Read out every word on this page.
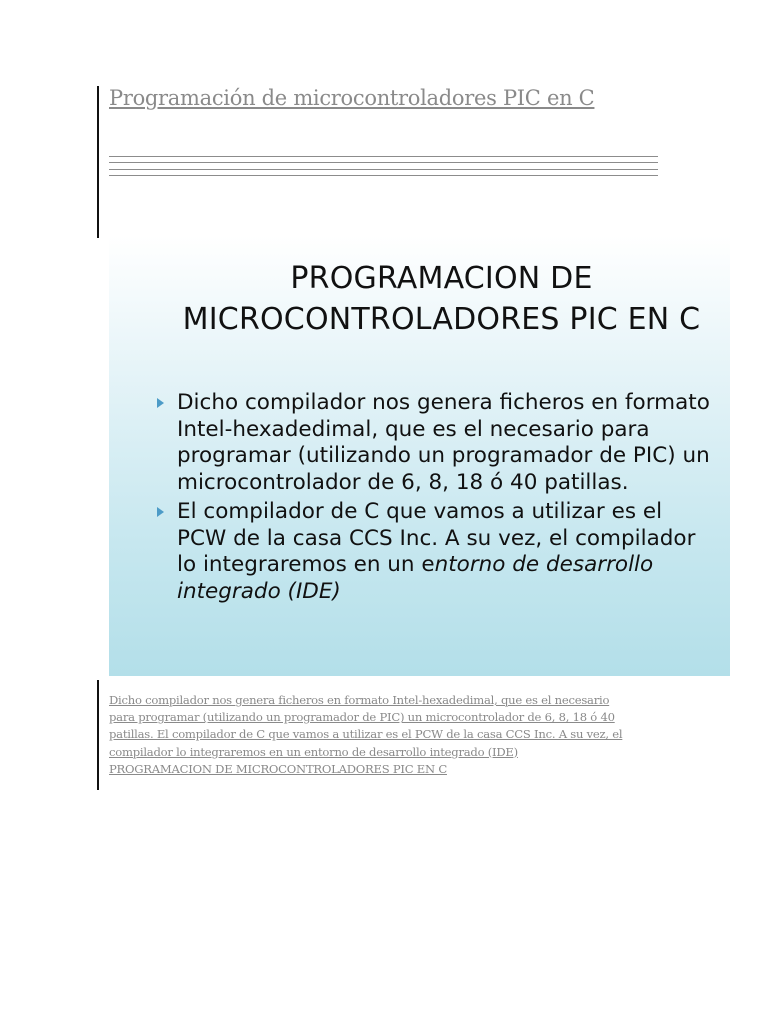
Programación de microcontroladores PIC en C
PROGRAMACION DE
MICROCONTROLADORES PIC EN C
Dicho compilador nos genera ficheros en formato Intel-hexadedimal, que es el necesario para programar (utilizando un programador de PIC) un microcontrolador de 6, 8, 18 ó 40 patillas.
El compilador de C que vamos a utilizar es el PCW de la casa CCS Inc. A su vez, el compilador lo integraremos en un entorno de desarrollo integrado (IDE)
Dicho compilador nos genera ficheros en formato Intel-hexadedimal, que es el necesario
para programar (utilizando un programador de PIC) un microcontrolador de 6, 8, 18 ó 40
patillas. El compilador de C que vamos a utilizar es el PCW de la casa CCS Inc. A su vez, el
compilador lo integraremos en un entorno de desarrollo integrado (IDE)
PROGRAMACION DE MICROCONTROLADORES PIC EN C
